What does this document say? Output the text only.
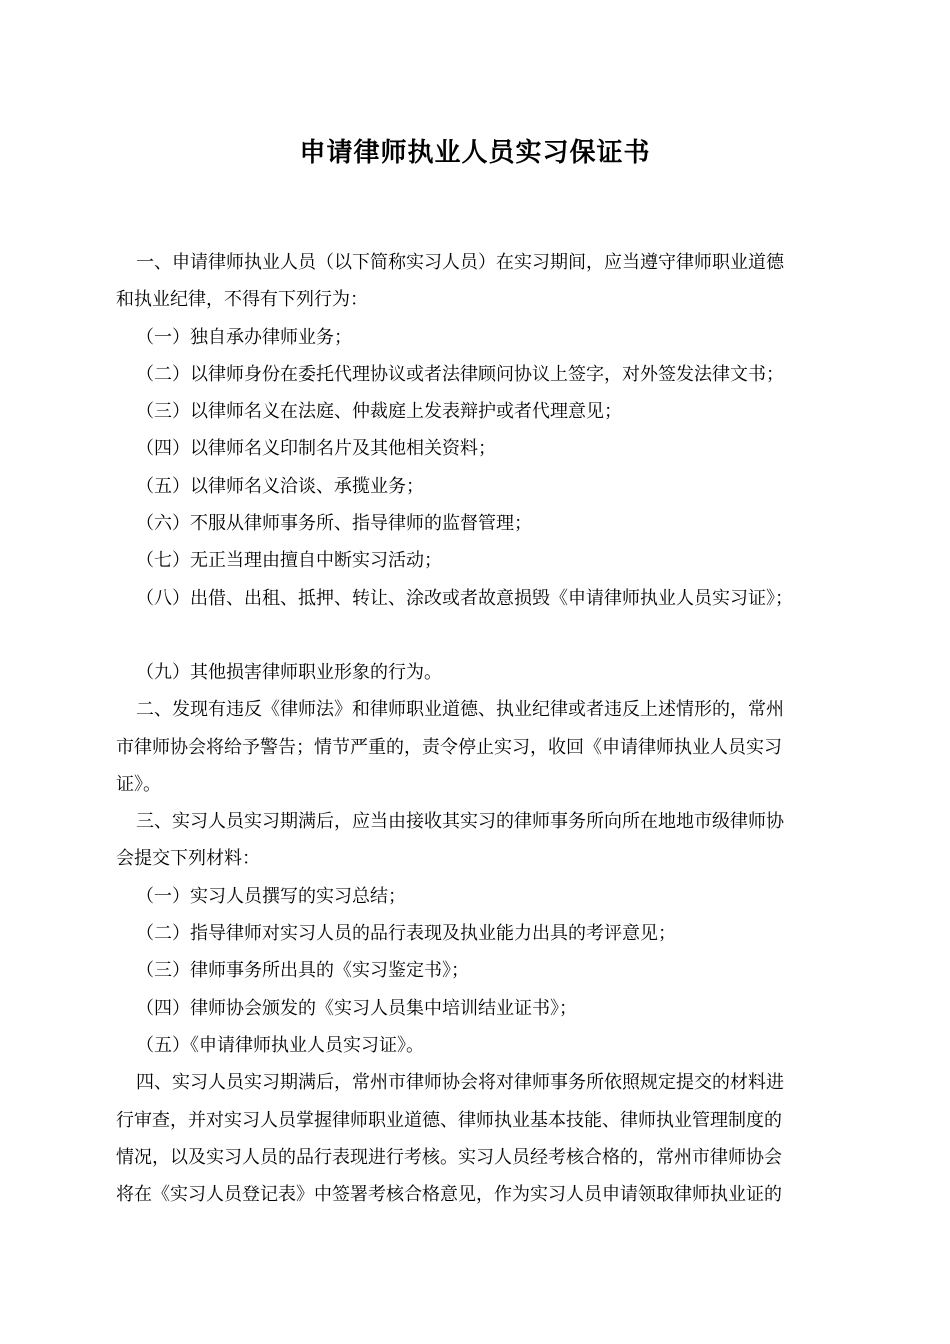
申请律师执业人员实习保证书
一、申请律师执业人员（以下简称实习人员）在实习期间，应当遵守律师职业道德
和执业纪律，不得有下列行为：
（一）独自承办律师业务；
（二）以律师身份在委托代理协议或者法律顾问协议上签字，对外签发法律文书；
（三）以律师名义在法庭、仲裁庭上发表辩护或者代理意见；
（四）以律师名义印制名片及其他相关资料；
（五）以律师名义洽谈、承揽业务；
（六）不服从律师事务所、指导律师的监督管理；
（七）无正当理由擅自中断实习活动；
（八）出借、出租、抵押、转让、涂改或者故意损毁《申请律师执业人员实习证》；
（九）其他损害律师职业形象的行为。
二、发现有违反《律师法》和律师职业道德、执业纪律或者违反上述情形的，常州
市律师协会将给予警告；情节严重的，责令停止实习，收回《申请律师执业人员实习
证》。
三、实习人员实习期满后，应当由接收其实习的律师事务所向所在地地市级律师协
会提交下列材料：
（一）实习人员撰写的实习总结；
（二）指导律师对实习人员的品行表现及执业能力出具的考评意见；
（三）律师事务所出具的《实习鉴定书》；
（四）律师协会颁发的《实习人员集中培训结业证书》；
（五）《申请律师执业人员实习证》。
四、实习人员实习期满后，常州市律师协会将对律师事务所依照规定提交的材料进
行审查，并对实习人员掌握律师职业道德、律师执业基本技能、律师执业管理制度的
情况，以及实习人员的品行表现进行考核。实习人员经考核合格的，常州市律师协会
将在《实习人员登记表》中签署考核合格意见，作为实习人员申请领取律师执业证的
